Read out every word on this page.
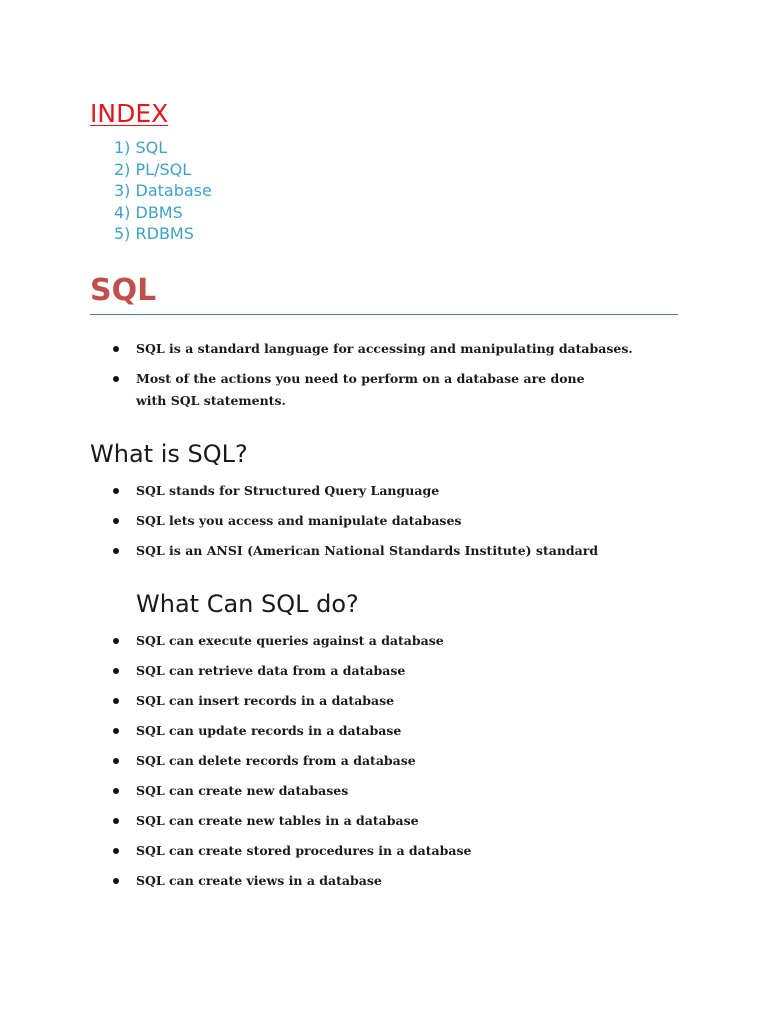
INDEX
1) SQL
2) PL/SQL
3) Database
4) DBMS
5) RDBMS
SQL
SQL is a standard language for accessing and manipulating databases.
Most of the actions you need to perform on a database are done with SQL statements.
What is SQL?
SQL stands for Structured Query Language
SQL lets you access and manipulate databases
SQL is an ANSI (American National Standards Institute) standard
What Can SQL do?
SQL can execute queries against a database
SQL can retrieve data from a database
SQL can insert records in a database
SQL can update records in a database
SQL can delete records from a database
SQL can create new databases
SQL can create new tables in a database
SQL can create stored procedures in a database
SQL can create views in a database
